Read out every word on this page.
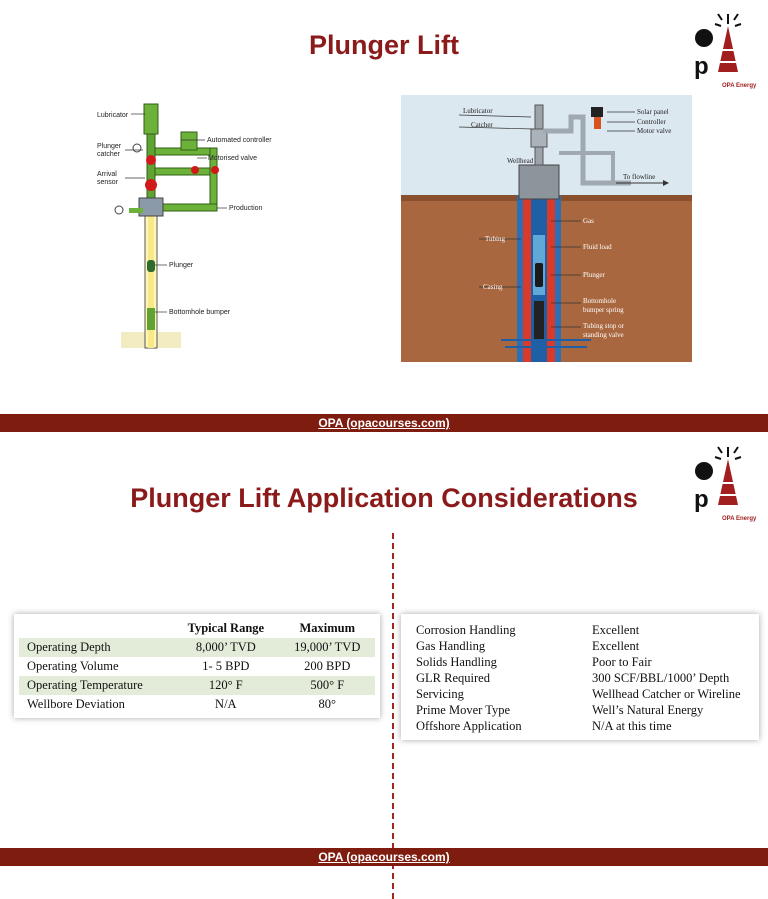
Plunger Lift
p
OPA Energy
Lubricator
Automated controller
Plunger
catcher
Motorised valve
Arrival
sensor
Production
Plunger
Bottomhole bumper
Lubricator
Catcher
Solar panel
Controller
Motor valve
Wellhead
To flowline
Gas
Tubing
Fluid load
Plunger
Casing
Bottomhole
bumper spring
Tubing stop or
standing valve
OPA (opacourses.com)
Plunger Lift Application Considerations	p
OPA Energy
	Typical Range	Maximum
Operating Depth	8,000’ TVD	19,000’ TVD
Operating Volume	1- 5 BPD	200 BPD
Operating Temperature	120° F	500° F
Wellbore Deviation	N/A	80°
Corrosion Handling	Excellent
Gas Handling	Excellent
Solids Handling	Poor to Fair
GLR Required	300 SCF/BBL/1000’ Depth
Servicing	Wellhead Catcher or Wireline
Prime Mover Type	Well’s Natural Energy
Offshore Application	N/A at this time
OPA (opacourses.com)
